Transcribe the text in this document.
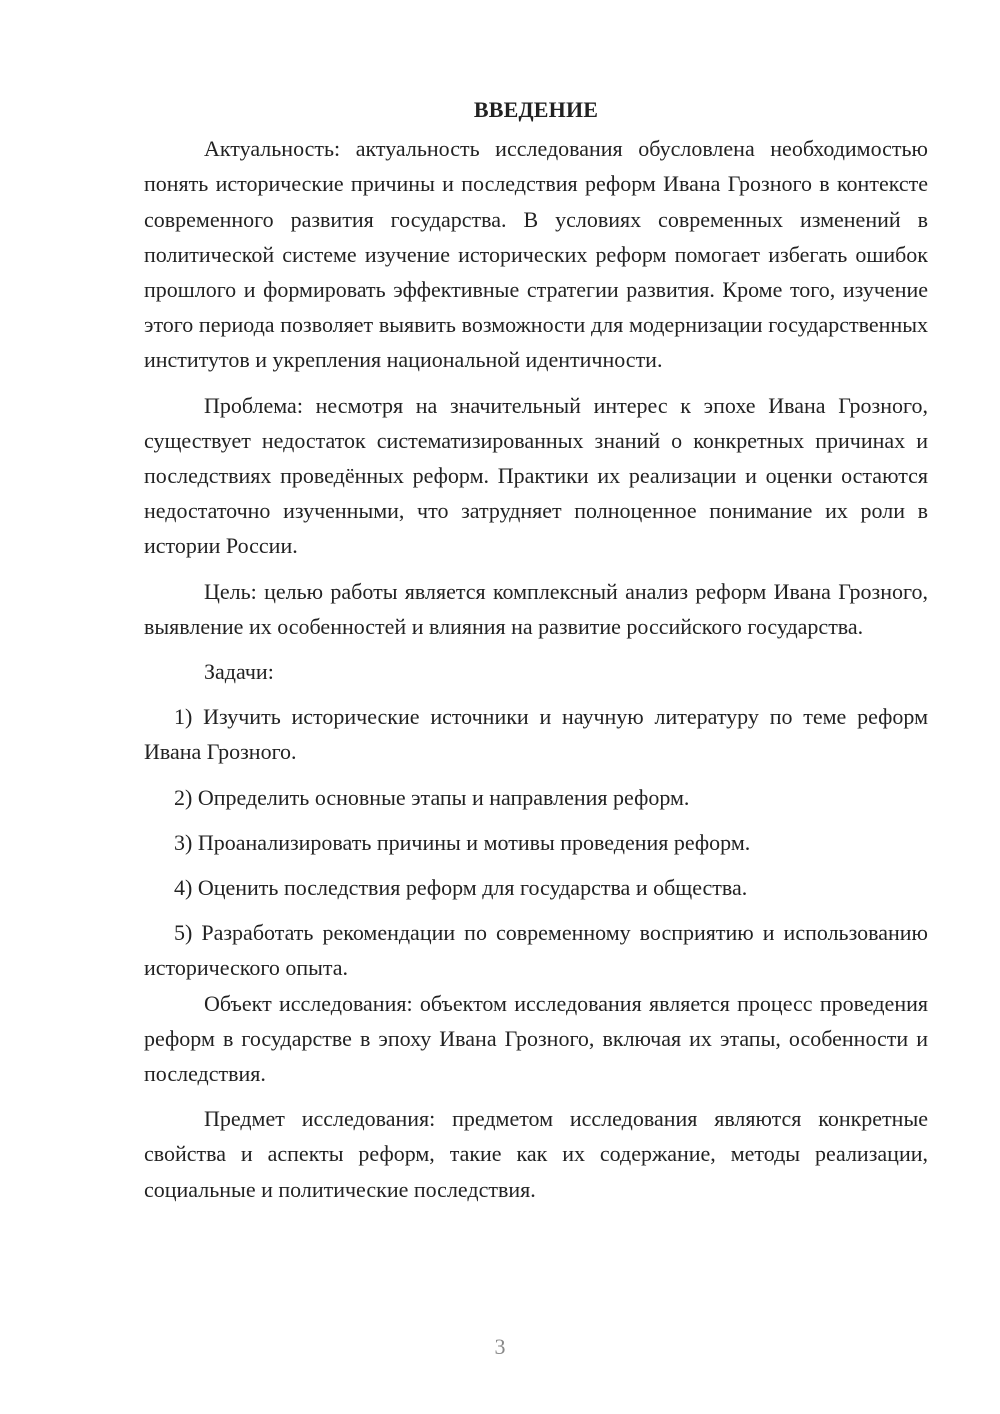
ВВЕДЕНИЕ

Актуальность: актуальность исследования обусловлена необходимостью понять исторические причины и последствия реформ Ивана Грозного в контексте современного развития государства. В условиях современных изменений в политической системе изучение исторических реформ помогает избегать ошибок прошлого и формировать эффективные стратегии развития. Кроме того, изучение этого периода позволяет выявить возможности для модернизации государственных институтов и укрепления национальной идентичности.

Проблема: несмотря на значительный интерес к эпохе Ивана Грозного, существует недостаток систематизированных знаний о конкретных причинах и последствиях проведённых реформ. Практики их реализации и оценки остаются недостаточно изученными, что затрудняет полноценное понимание их роли в истории России.

Цель: целью работы является комплексный анализ реформ Ивана Грозного, выявление их особенностей и влияния на развитие российского государства.

Задачи:

1) Изучить исторические источники и научную литературу по теме реформ Ивана Грозного.

2) Определить основные этапы и направления реформ.

3) Проанализировать причины и мотивы проведения реформ.

4) Оценить последствия реформ для государства и общества.

5) Разработать рекомендации по современному восприятию и использованию исторического опыта.

Объект исследования: объектом исследования является процесс проведения реформ в государстве в эпоху Ивана Грозного, включая их этапы, особенности и последствия.

Предмет исследования: предметом исследования являются конкретные свойства и аспекты реформ, такие как их содержание, методы реализации, социальные и политические последствия.

3
